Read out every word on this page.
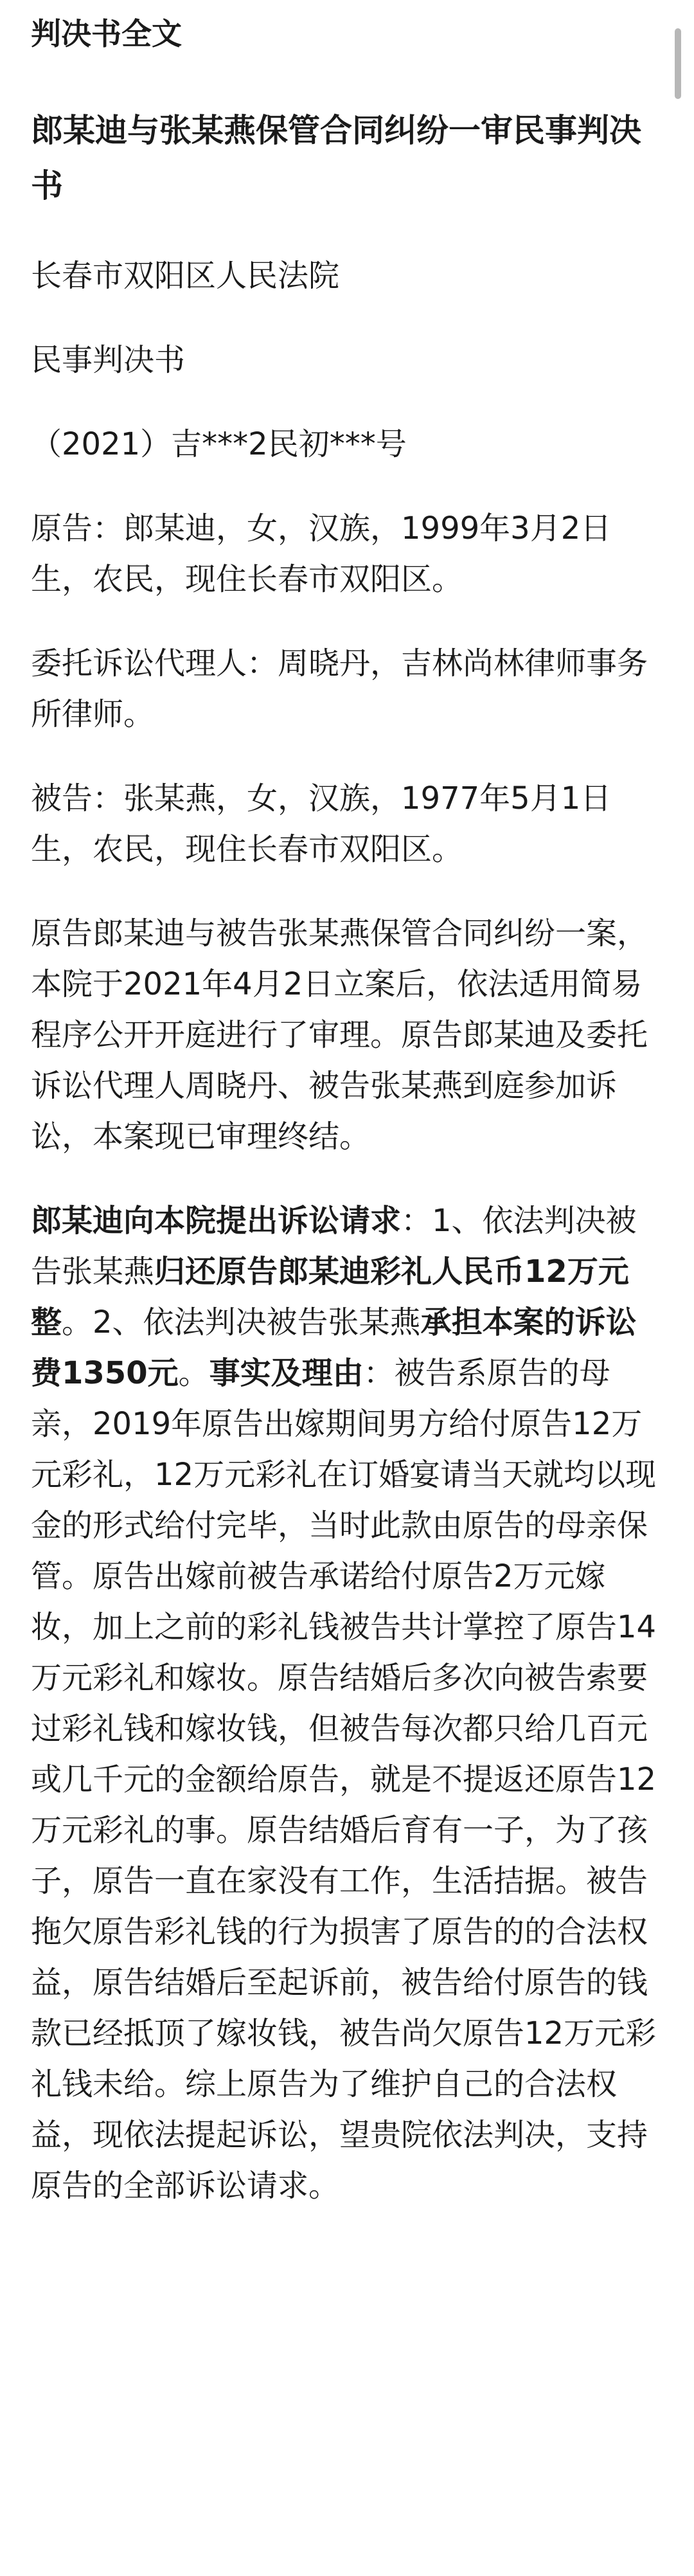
判决书全文

郎某迪与张某燕保管合同纠纷一审民事判决书

长春市双阳区人民法院

民事判决书

（2021）吉***2民初***号

原告：郎某迪，女，汉族，1999年3月2日生，农民，现住长春市双阳区。

委托诉讼代理人：周晓丹，吉林尚林律师事务所律师。

被告：张某燕，女，汉族，1977年5月1日生，农民，现住长春市双阳区。

原告郎某迪与被告张某燕保管合同纠纷一案，本院于2021年4月2日立案后，依法适用简易程序公开开庭进行了审理。原告郎某迪及委托诉讼代理人周晓丹、被告张某燕到庭参加诉讼，本案现已审理终结。

郎某迪向本院提出诉讼请求：1、依法判决被告张某燕归还原告郎某迪彩礼人民币12万元整。2、依法判决被告张某燕承担本案的诉讼费1350元。事实及理由：被告系原告的母亲，2019年原告出嫁期间男方给付原告12万元彩礼，12万元彩礼在订婚宴请当天就均以现金的形式给付完毕，当时此款由原告的母亲保管。原告出嫁前被告承诺给付原告2万元嫁妆，加上之前的彩礼钱被告共计掌控了原告14万元彩礼和嫁妆。原告结婚后多次向被告索要过彩礼钱和嫁妆钱，但被告每次都只给几百元或几千元的金额给原告，就是不提返还原告12万元彩礼的事。原告结婚后育有一子，为了孩子，原告一直在家没有工作，生活拮据。被告拖欠原告彩礼钱的行为损害了原告的的合法权益，原告结婚后至起诉前，被告给付原告的钱款已经抵顶了嫁妆钱，被告尚欠原告12万元彩礼钱未给。综上原告为了维护自己的合法权益，现依法提起诉讼，望贵院依法判决，支持原告的全部诉讼请求。
